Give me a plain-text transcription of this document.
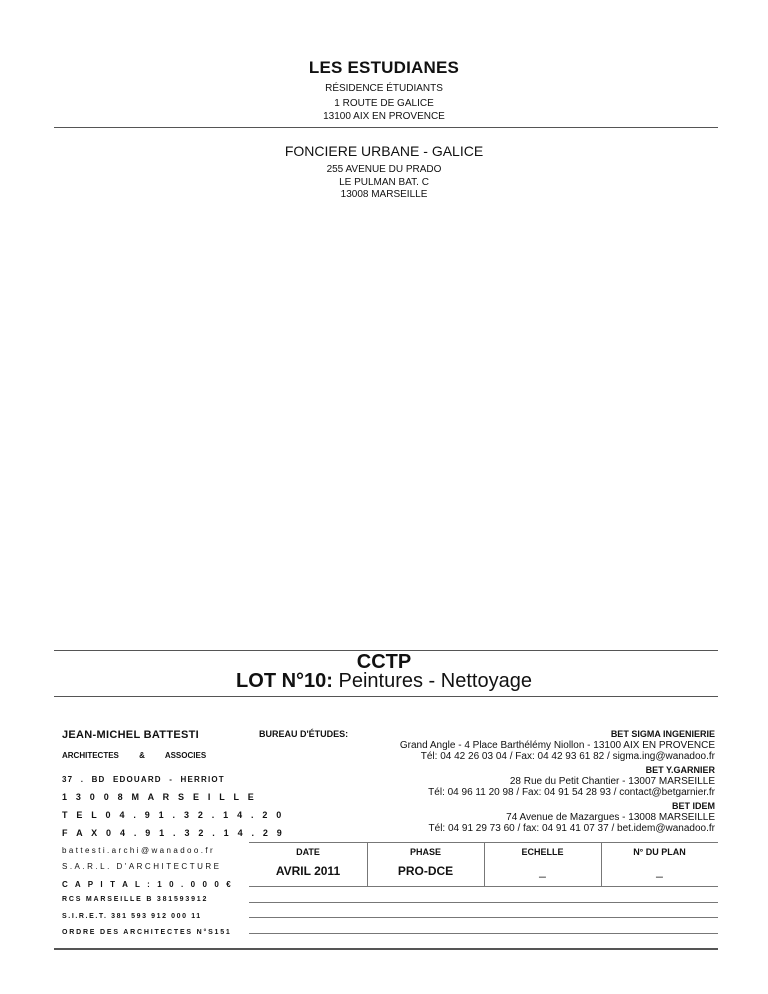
LES ESTUDIANES
RÉSIDENCE ÉTUDIANTS
1 ROUTE DE GALICE
13100 AIX EN PROVENCE
FONCIERE URBANE - GALICE
255 AVENUE DU PRADO
LE PULMAN BAT. C
13008 MARSEILLE
CCTP
LOT N°10: Peintures - Nettoyage
JEAN-MICHEL BATTESTI
ARCHITECTES & ASSOCIES
37 . BD EDOUARD - HERRIOT
1 3 0 0 8 M A R S E I L L E
T E L 0 4 . 9 1 . 3 2 . 1 4 . 2 0
F A X 0 4 . 9 1 . 3 2 . 1 4 . 2 9
battesti.archi@wanadoo.fr
S.A.R.L. D'ARCHITECTURE
C A P I T A L : 1 0 . 0 0 0 €
RCS MARSEILLE B 381593912
S.I.R.E.T. 381 593 912 000 11
ORDRE DES ARCHITECTES N°S151
BUREAU D'ÉTUDES:	BET SIGMA INGENIERIE
Grand Angle - 4 Place Barthélémy Niollon - 13100 AIX EN PROVENCE
Tél: 04 42 26 03 04 / Fax: 04 42 93 61 82 / sigma.ing@wanadoo.fr
BET Y.GARNIER
28 Rue du Petit Chantier - 13007 MARSEILLE
Tél: 04 96 11 20 98 / Fax: 04 91 54 28 93 / contact@betgarnier.fr
BET IDEM
74 Avenue de Mazargues - 13008 MARSEILLE
Tél: 04 91 29 73 60 / fax: 04 91 41 07 37 / bet.idem@wanadoo.fr
DATE	PHASE	ECHELLE	N° DU PLAN
AVRIL 2011	PRO-DCE	_	_
